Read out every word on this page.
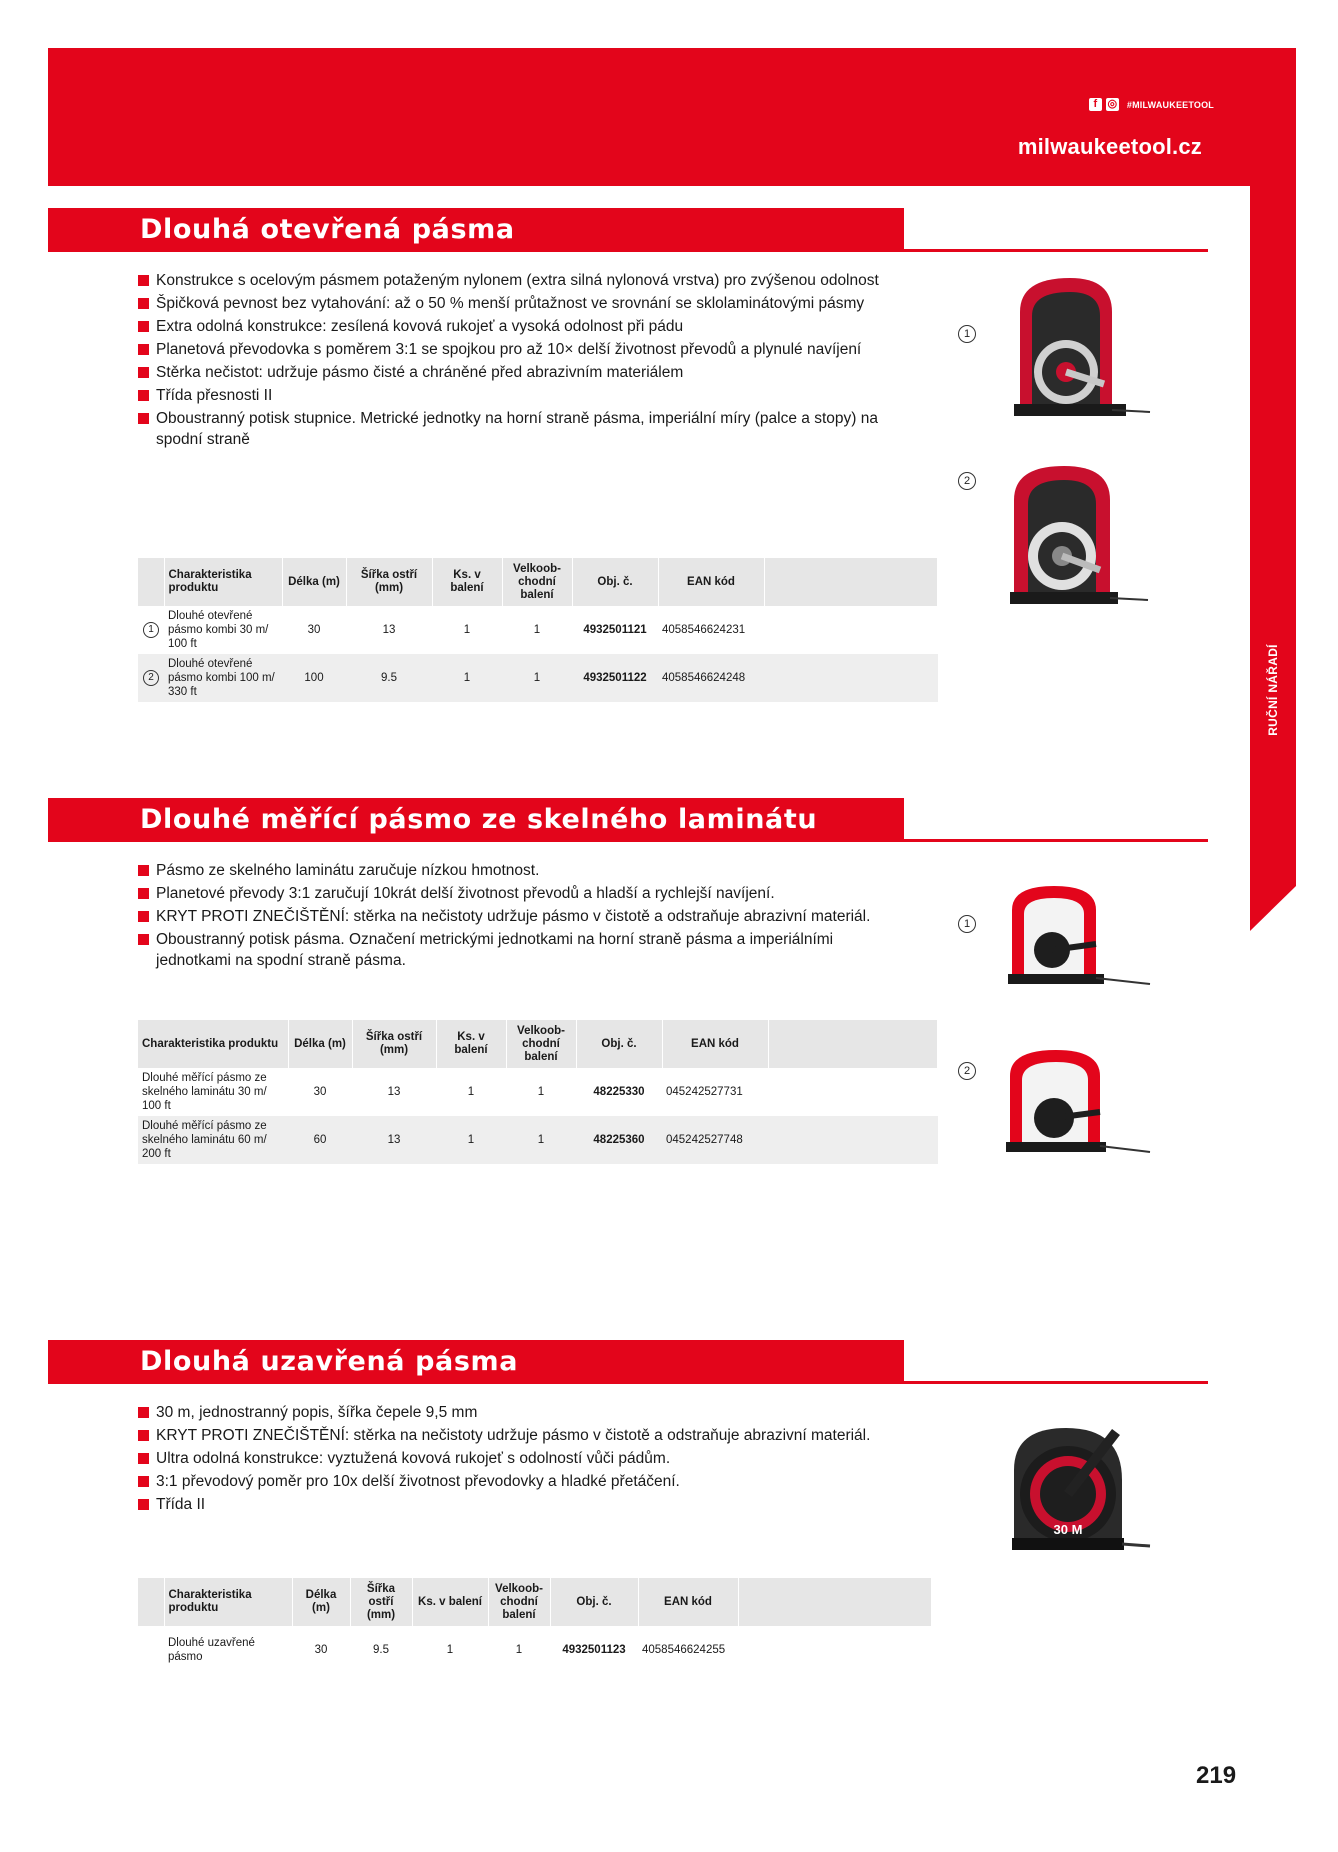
f ◎ #MILWAUKEETOOL
milwaukeetool.cz
RUČNÍ NÁŘADÍ
Dlouhá otevřená pásma
Konstrukce s ocelovým pásmem potaženým nylonem (extra silná nylonová vrstva) pro zvýšenou odolnost
Špičková pevnost bez vytahování: až o 50 % menší průtažnost ve srovnání se sklolaminátovými pásmy
Extra odolná konstrukce: zesílená kovová rukojeť a vysoká odolnost při pádu
Planetová převodovka s poměrem 3:1 se spojkou pro až 10× delší životnost převodů a plynulé navíjení
Stěrka nečistot: udržuje pásmo čisté a chráněné před abrazivním materiálem
Třída přesnosti II
Oboustranný potisk stupnice. Metrické jednotky na horní straně pásma, imperiální míry (palce a stopy) na spodní straně
	Charakteristika produktu	Délka (m)	Šířka ostří (mm)	Ks. v balení	Velkoob-chodní balení	Obj. č.	EAN kód	
1	Dlouhé otevřené pásmo kombi 30 m/ 100 ft	30	13	1	1	4932501121	4058546624231	
2	Dlouhé otevřené pásmo kombi 100 m/ 330 ft	100	9.5	1	1	4932501122	4058546624248	
1
2
Dlouhé měřící pásmo ze skelného laminátu
Pásmo ze skelného laminátu zaručuje nízkou hmotnost.
Planetové převody 3:1 zaručují 10krát delší životnost převodů a hladší a rychlejší navíjení.
KRYT PROTI ZNEČIŠTĚNÍ: stěrka na nečistoty udržuje pásmo v čistotě a odstraňuje abrazivní materiál.
Oboustranný potisk pásma. Označení metrickými jednotkami na horní straně pásma a imperiálními jednotkami na spodní straně pásma.
Charakteristika produktu	Délka (m)	Šířka ostří (mm)	Ks. v balení	Velkoob-chodní balení	Obj. č.	EAN kód	
Dlouhé měřící pásmo ze skelného laminátu 30 m/ 100 ft	30	13	1	1	48225330	045242527731	
Dlouhé měřící pásmo ze skelného laminátu 60 m/ 200 ft	60	13	1	1	48225360	045242527748	
1
2
Dlouhá uzavřená pásma
30 m, jednostranný popis, šířka čepele 9,5 mm
KRYT PROTI ZNEČIŠTĚNÍ: stěrka na nečistoty udržuje pásmo v čistotě a odstraňuje abrazivní materiál.
Ultra odolná konstrukce: vyztužená kovová rukojeť s odolností vůči pádům.
3:1 převodový poměr pro 10x delší životnost převodovky a hladké přetáčení.
Třída II
	Charakteristika produktu	Délka (m)	Šířka ostří (mm)	Ks. v balení	Velkoob-chodní balení	Obj. č.	EAN kód	
	Dlouhé uzavřené pásmo	30	9.5	1	1	4932501123	4058546624255	
30 M
219
